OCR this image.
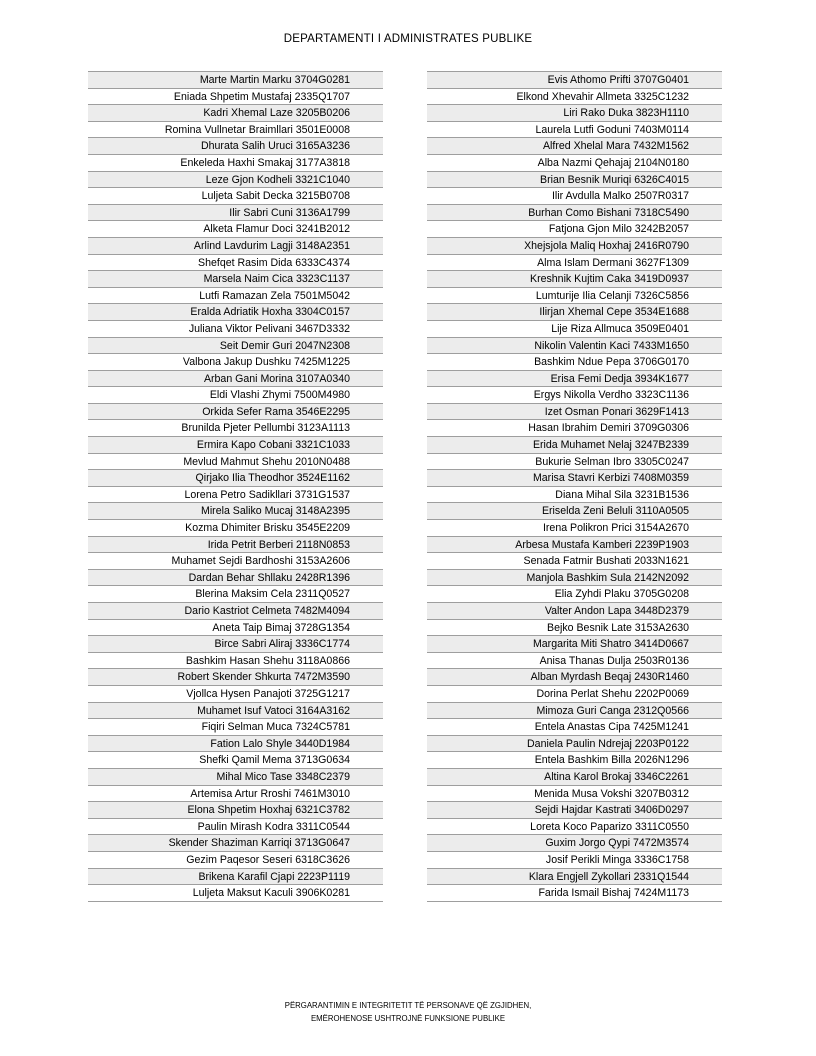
DEPARTAMENTI I ADMINISTRATES PUBLIKE
Marte Martin Marku 3704G0281
Eniada Shpetim Mustafaj 2335Q1707
Kadri Xhemal Laze 3205B0206
Romina Vullnetar Braimllari 3501E0008
Dhurata Salih Uruci 3165A3236
Enkeleda Haxhi Smakaj 3177A3818
Leze Gjon Kodheli 3321C1040
Luljeta Sabit Decka 3215B0708
Ilir Sabri Cuni 3136A1799
Alketa Flamur Doci 3241B2012
Arlind Lavdurim Lagji 3148A2351
Shefqet Rasim Dida 6333C4374
Marsela Naim Cica 3323C1137
Lutfi Ramazan Zela 7501M5042
Eralda Adriatik Hoxha 3304C0157
Juliana Viktor Pelivani 3467D3332
Seit Demir Guri 2047N2308
Valbona Jakup Dushku 7425M1225
Arban Gani Morina 3107A0340
Eldi Vlashi Zhymi 7500M4980
Orkida Sefer Rama 3546E2295
Brunilda Pjeter Pellumbi 3123A1113
Ermira Kapo Cobani 3321C1033
Mevlud Mahmut Shehu 2010N0488
Qirjako Ilia Theodhor 3524E1162
Lorena Petro Sadikllari 3731G1537
Mirela Saliko Mucaj 3148A2395
Kozma Dhimiter Brisku 3545E2209
Irida Petrit Berberi 2118N0853
Muhamet Sejdi Bardhoshi 3153A2606
Dardan Behar Shllaku 2428R1396
Blerina Maksim Cela 2311Q0527
Dario Kastriot Celmeta 7482M4094
Aneta Taip Bimaj 3728G1354
Birce Sabri Aliraj 3336C1774
Bashkim Hasan Shehu 3118A0866
Robert Skender Shkurta 7472M3590
Vjollca Hysen Panajoti 3725G1217
Muhamet Isuf Vatoci 3164A3162
Fiqiri Selman Muca 7324C5781
Fation Lalo Shyle 3440D1984
Shefki Qamil Mema 3713G0634
Mihal Mico Tase 3348C2379
Artemisa Artur Rroshi 7461M3010
Elona Shpetim Hoxhaj 6321C3782
Paulin Mirash Kodra 3311C0544
Skender Shaziman Karriqi 3713G0647
Gezim Paqesor Seseri 6318C3626
Brikena Karafil Cjapi 2223P1119
Luljeta Maksut Kaculi 3906K0281
Evis Athomo Prifti 3707G0401
Elkond Xhevahir Allmeta 3325C1232
Liri Rako Duka 3823H1110
Laurela Lutfi Goduni 7403M0114
Alfred Xhelal Mara 7432M1562
Alba Nazmi Qehajaj 2104N0180
Brian Besnik Muriqi 6326C4015
Ilir Avdulla Malko 2507R0317
Burhan Como Bishani 7318C5490
Fatjona Gjon Milo 3242B2057
Xhejsjola Maliq Hoxhaj 2416R0790
Alma Islam Dermani 3627F1309
Kreshnik Kujtim Caka 3419D0937
Lumturije Ilia Celanji 7326C5856
Ilirjan Xhemal Cepe 3534E1688
Lije Riza Allmuca 3509E0401
Nikolin Valentin Kaci 7433M1650
Bashkim Ndue Pepa 3706G0170
Erisa Femi Dedja 3934K1677
Ergys Nikolla Verdho 3323C1136
Izet Osman Ponari 3629F1413
Hasan Ibrahim Demiri 3709G0306
Erida Muhamet Nelaj 3247B2339
Bukurie Selman Ibro 3305C0247
Marisa Stavri Kerbizi 7408M0359
Diana Mihal Sila 3231B1536
Eriselda Zeni Beluli 3110A0505
Irena Polikron Prici 3154A2670
Arbesa Mustafa Kamberi 2239P1903
Senada Fatmir Bushati 2033N1621
Manjola Bashkim Sula 2142N2092
Elia Zyhdi Plaku 3705G0208
Valter Andon Lapa 3448D2379
Bejko Besnik Late 3153A2630
Margarita Miti Shatro 3414D0667
Anisa Thanas Dulja 2503R0136
Alban Myrdash Beqaj 2430R1460
Dorina Perlat Shehu 2202P0069
Mimoza Guri Canga 2312Q0566
Entela Anastas Cipa 7425M1241
Daniela Paulin Ndrejaj 2203P0122
Entela Bashkim Billa 2026N1296
Altina Karol Brokaj 3346C2261
Menida Musa Vokshi 3207B0312
Sejdi Hajdar Kastrati 3406D0297
Loreta Koco Paparizo 3311C0550
Guxim Jorgo Qypi 7472M3574
Josif Perikli Minga 3336C1758
Klara Engjell Zykollari 2331Q1544
Farida Ismail Bishaj 7424M1173
PËRGARANTIMIN E INTEGRITETIT TË PERSONAVE QË ZGJIDHEN,
EMËROHENOSE USHTROJNË FUNKSIONE PUBLIKE
